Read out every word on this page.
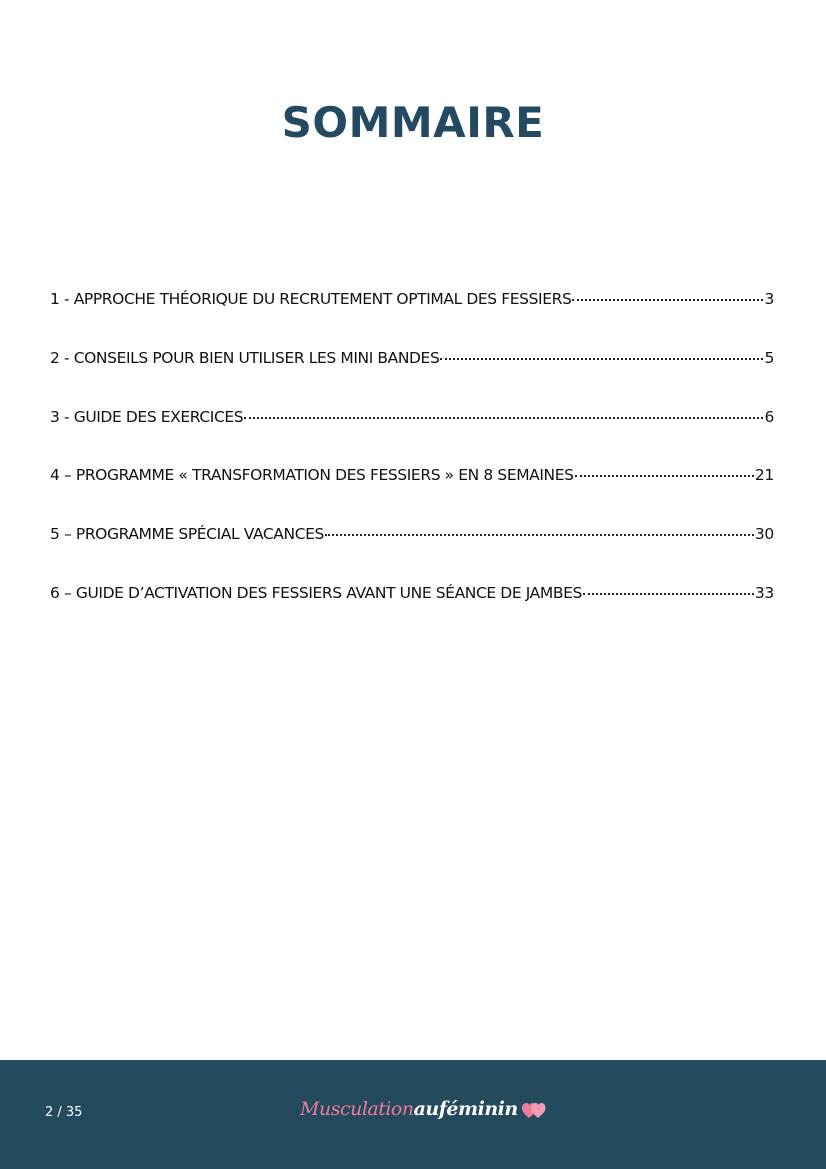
SOMMAIRE
1 - APPROCHE THÉORIQUE DU RECRUTEMENT OPTIMAL DES FESSIERS	3
2 - CONSEILS POUR BIEN UTILISER LES MINI BANDES	5
3 - GUIDE DES EXERCICES	6
4 – PROGRAMME « TRANSFORMATION DES FESSIERS » EN 8 SEMAINES	21
5 – PROGRAMME SPÉCIAL VACANCES	30
6 – GUIDE D’ACTIVATION DES FESSIERS AVANT UNE SÉANCE DE JAMBES	33
2 / 35	Musculation auféminin
